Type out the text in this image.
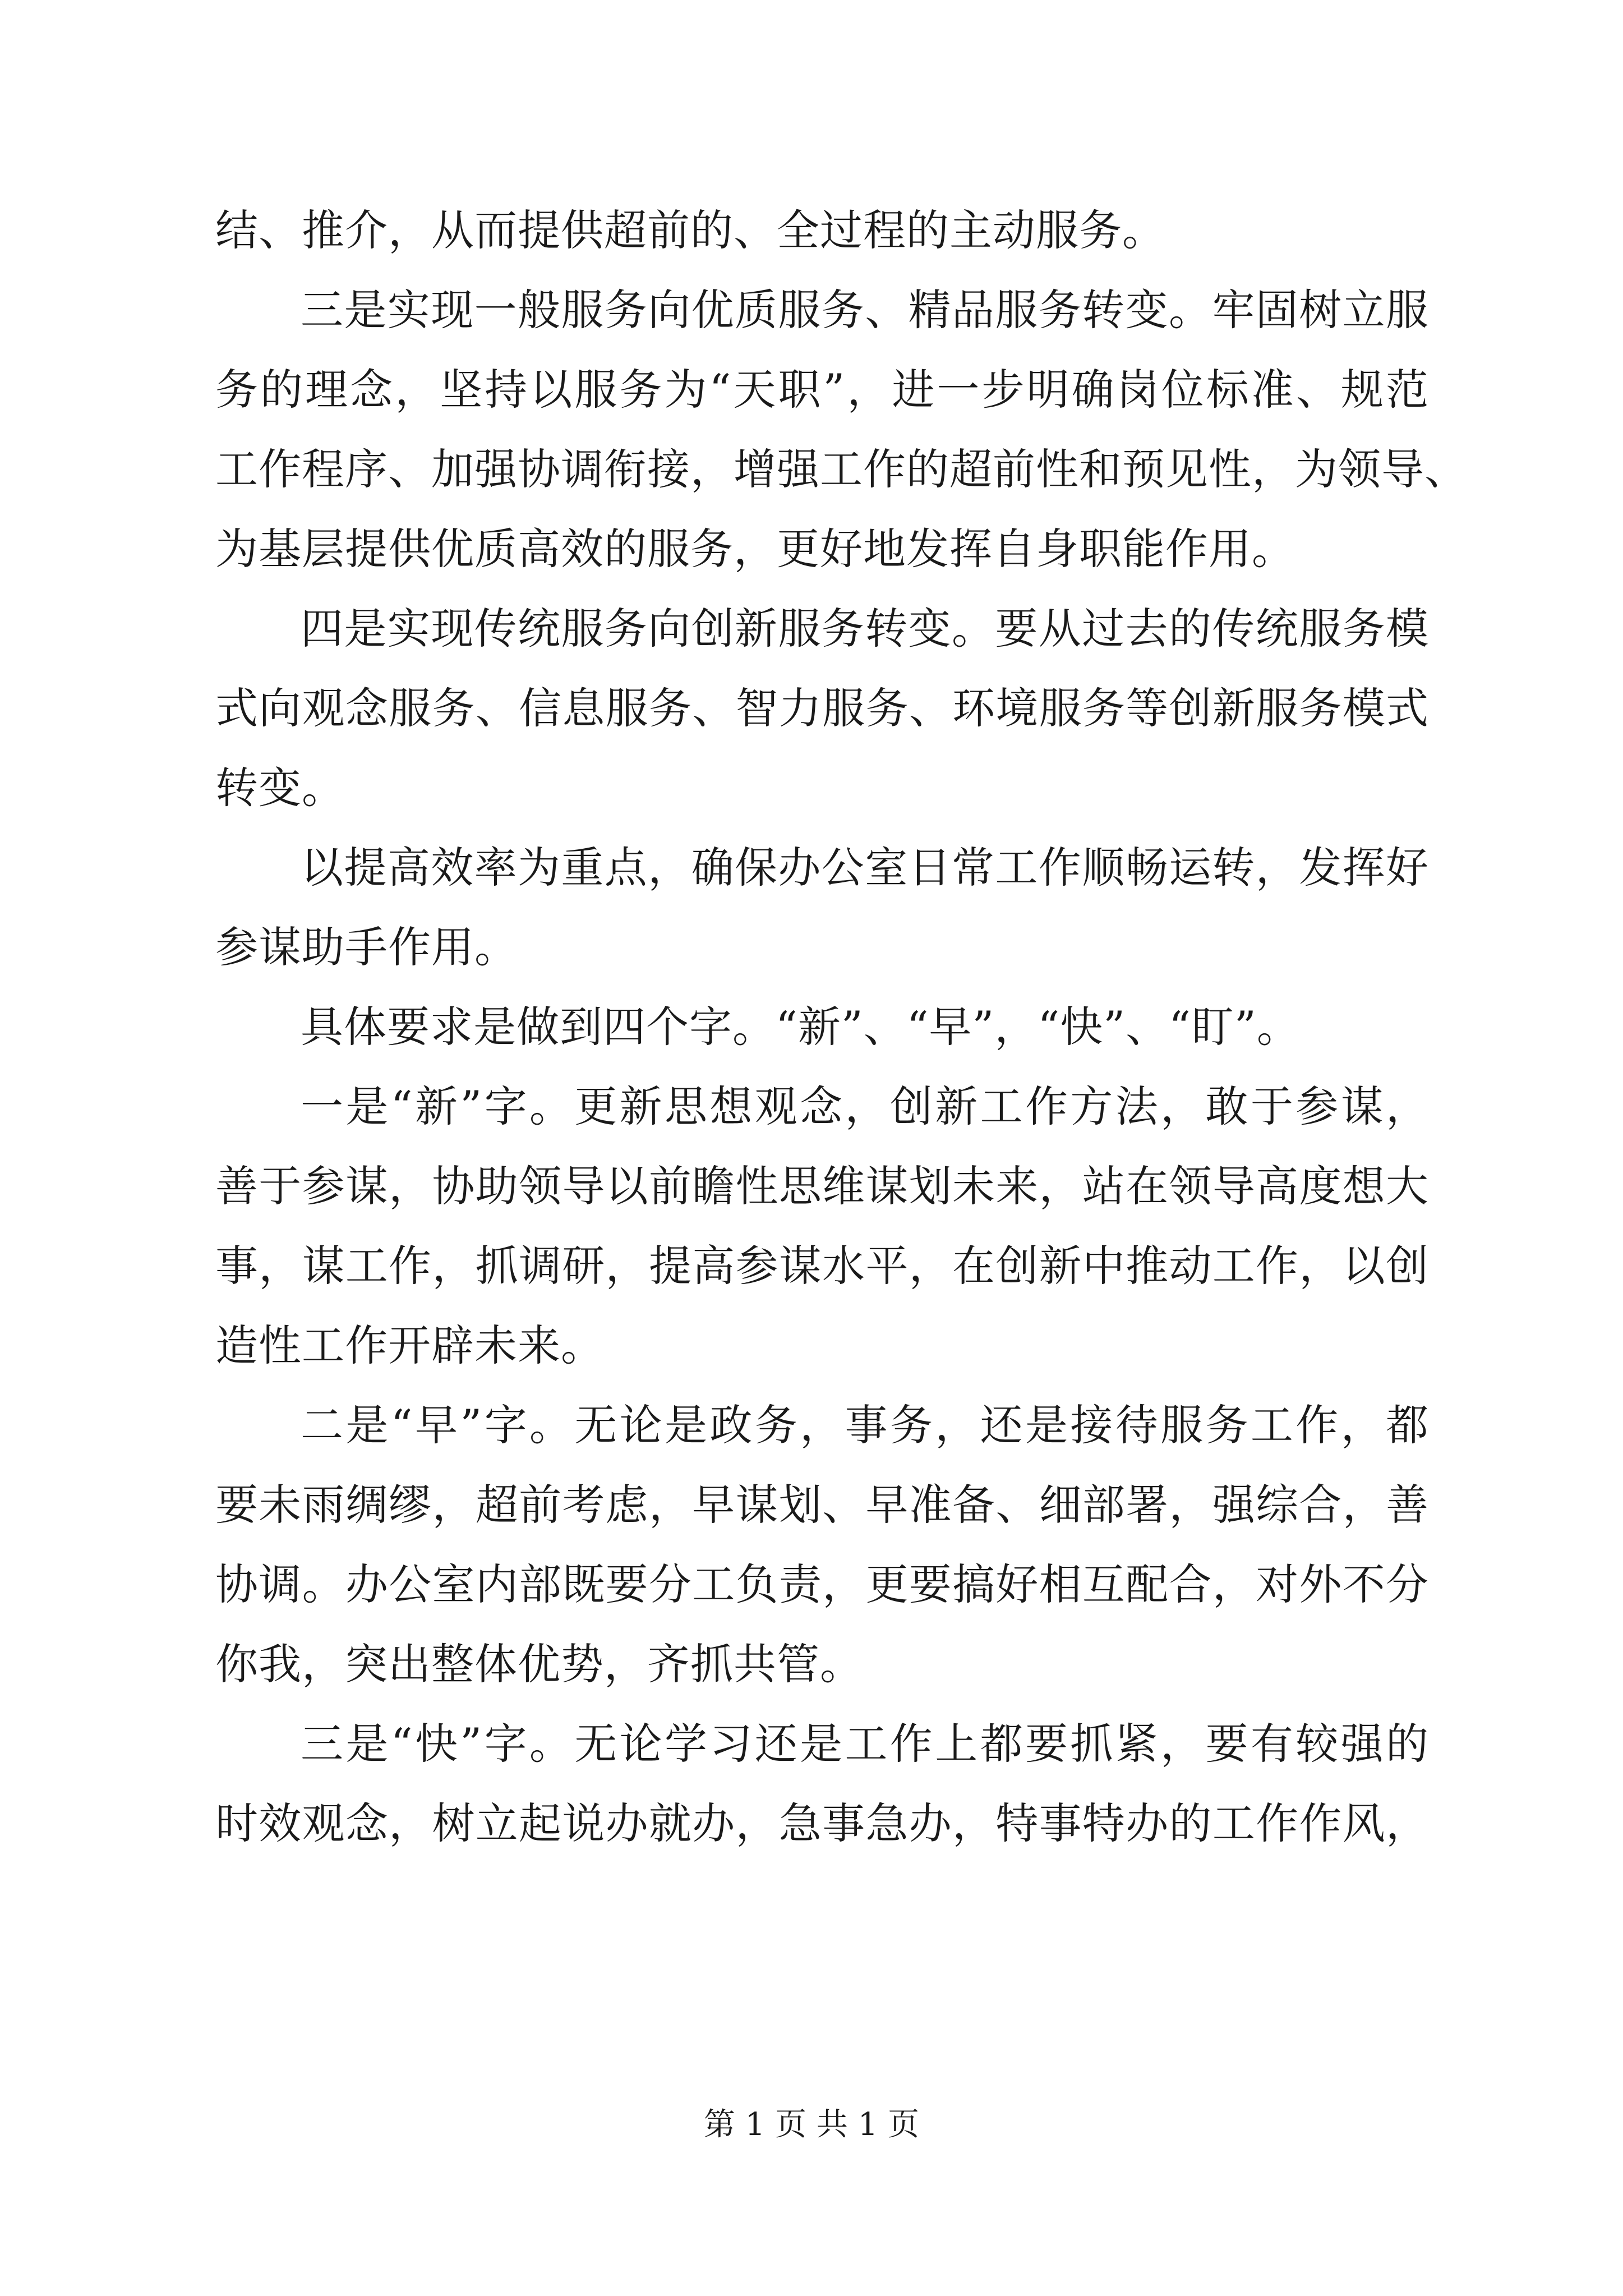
结、推介，从而提供超前的、全过程的主动服务。
三是实现一般服务向优质服务、精品服务转变。牢固树立服
务的理念，坚持以服务为“天职”，进一步明确岗位标准、规范
工作程序、加强协调衔接，增强工作的超前性和预见性，为领导、
为基层提供优质高效的服务，更好地发挥自身职能作用。
四是实现传统服务向创新服务转变。要从过去的传统服务模
式向观念服务、信息服务、智力服务、环境服务等创新服务模式
转变。
以提高效率为重点，确保办公室日常工作顺畅运转，发挥好
参谋助手作用。
具体要求是做到四个字。“新”、“早”，“快”、“盯”。
一是“新”字。更新思想观念，创新工作方法，敢于参谋，
善于参谋，协助领导以前瞻性思维谋划未来，站在领导高度想大
事，谋工作，抓调研，提高参谋水平，在创新中推动工作，以创
造性工作开辟未来。
二是“早”字。无论是政务，事务，还是接待服务工作，都
要未雨绸缪，超前考虑，早谋划、早准备、细部署，强综合，善
协调。办公室内部既要分工负责，更要搞好相互配合，对外不分
你我，突出整体优势，齐抓共管。
三是“快”字。无论学习还是工作上都要抓紧，要有较强的
时效观念，树立起说办就办，急事急办，特事特办的工作作风，
第 1 页 共 1 页
